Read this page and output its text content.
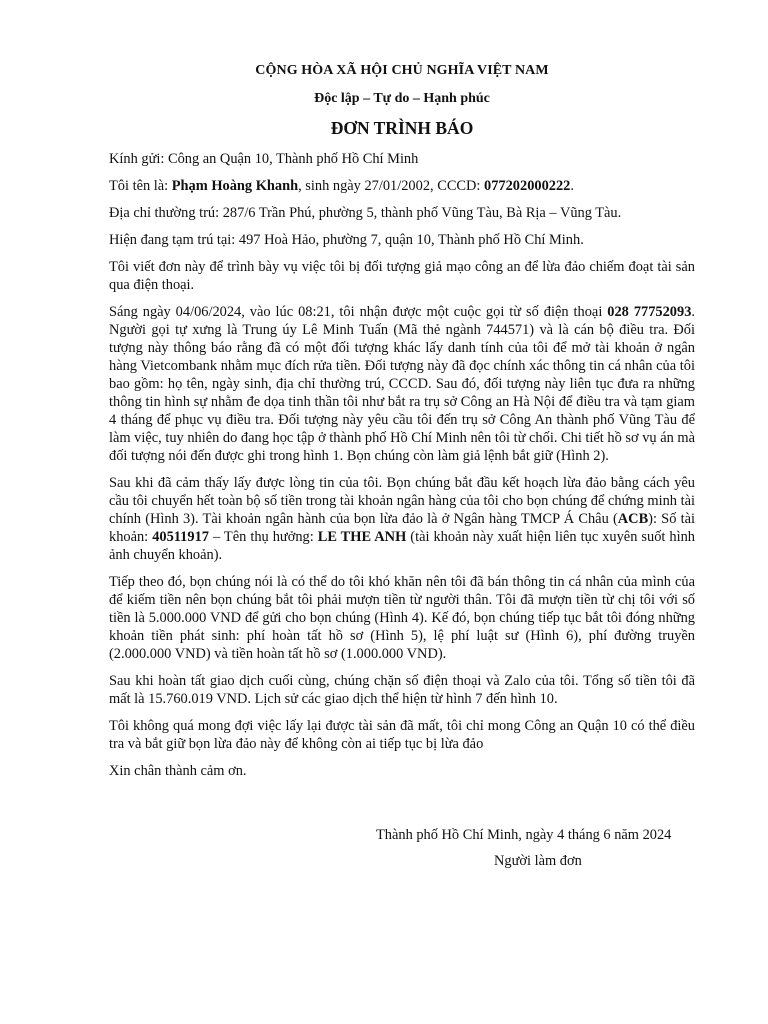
CỘNG HÒA XÃ HỘI CHỦ NGHĨA VIỆT NAM
Độc lập – Tự do – Hạnh phúc
ĐƠN TRÌNH BÁO

Kính gửi: Công an Quận 10, Thành phố Hồ Chí Minh

Tôi tên là: Phạm Hoàng Khanh, sinh ngày 27/01/2002, CCCD: 077202000222.

Địa chỉ thường trú: 287/6 Trần Phú, phường 5, thành phố Vũng Tàu, Bà Rịa – Vũng Tàu.

Hiện đang tạm trú tại: 497 Hoà Hảo, phường 7, quận 10, Thành phố Hồ Chí Minh.

Tôi viết đơn này để trình bày vụ việc tôi bị đối tượng giả mạo công an để lừa đảo chiếm đoạt tài sản qua điện thoại.

Sáng ngày 04/06/2024, vào lúc 08:21, tôi nhận được một cuộc gọi từ số điện thoại 028 77752093. Người gọi tự xưng là Trung úy Lê Minh Tuấn (Mã thẻ ngành 744571) và là cán bộ điều tra. Đối tượng này thông báo rằng đã có một đối tượng khác lấy danh tính của tôi để mở tài khoản ở ngân hàng Vietcombank nhằm mục đích rửa tiền. Đối tượng này đã đọc chính xác thông tin cá nhân của tôi bao gồm: họ tên, ngày sinh, địa chỉ thường trú, CCCD. Sau đó, đối tượng này liên tục đưa ra những thông tin hình sự nhằm đe dọa tinh thần tôi như bắt ra trụ sở Công an Hà Nội để điều tra và tạm giam 4 tháng để phục vụ điều tra. Đối tượng này yêu cầu tôi đến trụ sở Công An thành phố Vũng Tàu để làm việc, tuy nhiên do đang học tập ở thành phố Hồ Chí Minh nên tôi từ chối. Chi tiết hồ sơ vụ án mà đối tượng nói đến được ghi trong hình 1. Bọn chúng còn làm giả lệnh bắt giữ (Hình 2).

Sau khi đã cảm thấy lấy được lòng tin của tôi. Bọn chúng bắt đầu kết hoạch lừa đảo bằng cách yêu cầu tôi chuyển hết toàn bộ số tiền trong tài khoản ngân hàng của tôi cho bọn chúng để chứng minh tài chính (Hình 3). Tài khoản ngân hành của bọn lừa đảo là ở Ngân hàng TMCP Á Châu (ACB): Số tài khoản: 40511917 – Tên thụ hưởng: LE THE ANH (tài khoản này xuất hiện liên tục xuyên suốt hình ảnh chuyển khoản).

Tiếp theo đó, bọn chúng nói là có thể do tôi khó khăn nên tôi đã bán thông tin cá nhân của mình của để kiếm tiền nên bọn chúng bắt tôi phải mượn tiền từ người thân. Tôi đã mượn tiền từ chị tôi với số tiền là 5.000.000 VND để gửi cho bọn chúng (Hình 4). Kế đó, bọn chúng tiếp tục bắt tôi đóng những khoản tiền phát sinh: phí hoàn tất hồ sơ (Hình 5), lệ phí luật sư (Hình 6), phí đường truyền (2.000.000 VND) và tiền hoàn tất hồ sơ (1.000.000 VND).

Sau khi hoàn tất giao dịch cuối cùng, chúng chặn số điện thoại và Zalo của tôi. Tổng số tiền tôi đã mất là 15.760.019 VND. Lịch sử các giao dịch thể hiện từ hình 7 đến hình 10.

Tôi không quá mong đợi việc lấy lại được tài sản đã mất, tôi chỉ mong Công an Quận 10 có thể điều tra và bắt giữ bọn lừa đảo này để không còn ai tiếp tục bị lừa đảo

Xin chân thành cảm ơn.

Thành phố Hồ Chí Minh, ngày 4 tháng 6 năm 2024
Người làm đơn
